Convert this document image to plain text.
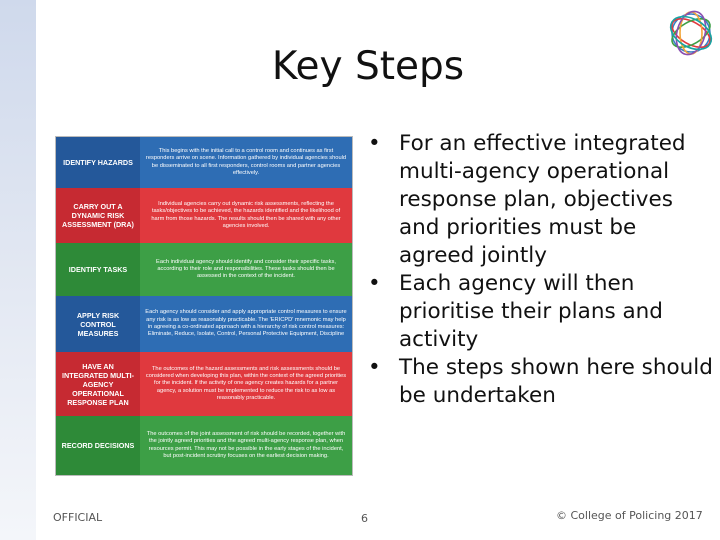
Key Steps
IDENTIFY HAZARDS
This begins with the initial call to a control room and continues as first responders arrive on scene. Information gathered by individual agencies should be disseminated to all first responders, control rooms and partner agencies effectively.
CARRY OUT A DYNAMIC RISK ASSESSMENT (DRA)
Individual agencies carry out dynamic risk assessments, reflecting the tasks/objectives to be achieved, the hazards identified and the likelihood of harm from those hazards. The results should then be shared with any other agencies involved.
IDENTIFY TASKS
Each individual agency should identify and consider their specific tasks, according to their role and responsibilities. These tasks should then be assessed in the context of the incident.
APPLY RISK CONTROL MEASURES
Each agency should consider and apply appropriate control measures to ensure any risk is as low as reasonably practicable. The 'ERICPD' mnemonic may help in agreeing a co-ordinated approach with a hierarchy of risk control measures: Eliminate, Reduce, Isolate, Control, Personal Protective Equipment, Discipline
HAVE AN INTEGRATED MULTI-AGENCY OPERATIONAL RESPONSE PLAN
The outcomes of the hazard assessments and risk assessments should be considered when developing this plan, within the context of the agreed priorities for the incident. If the activity of one agency creates hazards for a partner agency, a solution must be implemented to reduce the risk to as low as reasonably practicable.
RECORD DECISIONS
The outcomes of the joint assessment of risk should be recorded, together with the jointly agreed priorities and the agreed multi-agency response plan, when resources permit. This may not be possible in the early stages of the incident, but post-incident scrutiny focuses on the earliest decision making.
• For an effective integrated multi-agency operational response plan, objectives and priorities must be agreed jointly
• Each agency will then prioritise their plans and activity
• The steps shown here should be undertaken
OFFICIAL	6	© College of Policing 2017
